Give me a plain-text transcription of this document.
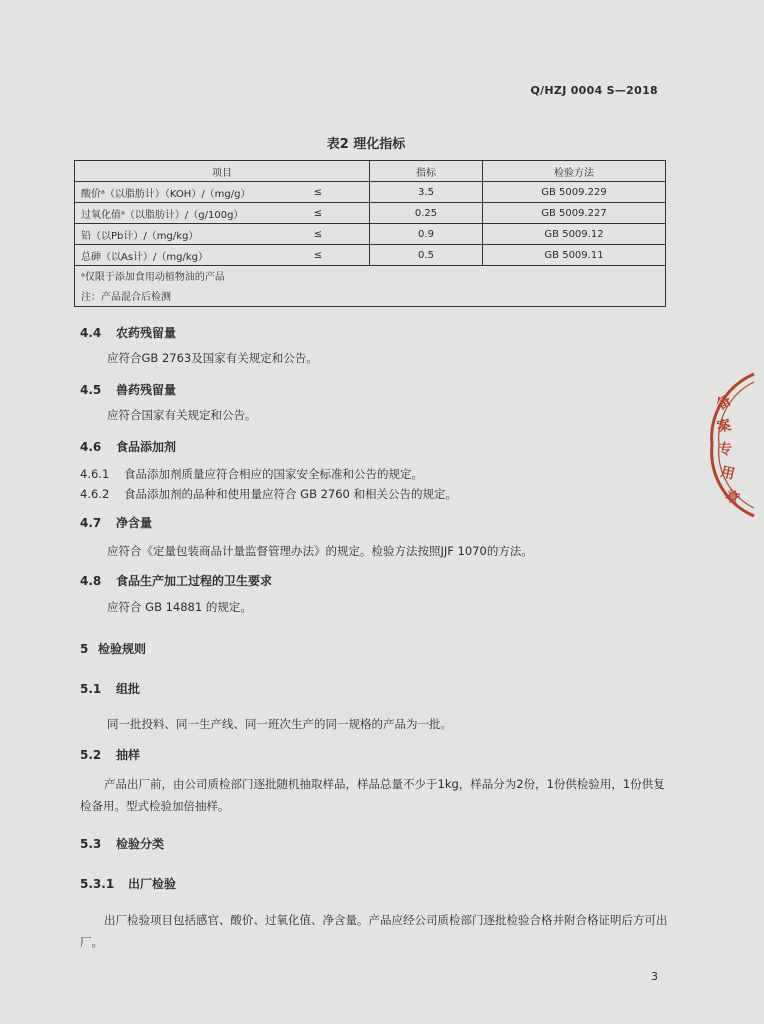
Q/HZJ 0004 S—2018
表2 理化指标
项目		指标	检验方法
酸价ᵃ（以脂肪计）（KOH）/（mg/g）	≤	3.5	GB 5009.229
过氧化值ᵃ（以脂肪计）/（g/100g）	≤	0.25	GB 5009.227
铅（以Pb计）/（mg/kg）	≤	0.9	GB 5009.12
总砷（以As计）/（mg/kg）	≤	0.5	GB 5009.11
ᵃ仅限于添加食用动植物油的产品			
注：产品混合后检测			
4.4 农药残留量
应符合GB 2763及国家有关规定和公告。
4.5 兽药残留量
应符合国家有关规定和公告。
4.6 食品添加剂
4.6.1 食品添加剂质量应符合相应的国家安全标准和公告的规定。
4.6.2 食品添加剂的品种和使用量应符合 GB 2760 和相关公告的规定。
4.7 净含量
应符合《定量包装商品计量监督管理办法》的规定。检验方法按照JJF 1070的方法。
4.8 食品生产加工过程的卫生要求
应符合 GB 14881 的规定。
5 检验规则
5.1 组批
同一批投料、同一生产线、同一班次生产的同一规格的产品为一批。
5.2 抽样
产品出厂前，由公司质检部门逐批随机抽取样品，样品总量不少于1kg，样品分为2份，1份供检验用，1份供复检备用。型式检验加倍抽样。
5.3 检验分类
5.3.1 出厂检验
出厂检验项目包括感官、酸价、过氧化值、净含量。产品应经公司质检部门逐批检验合格并附合格证明后方可出厂。
3
备
案
专
用
章
